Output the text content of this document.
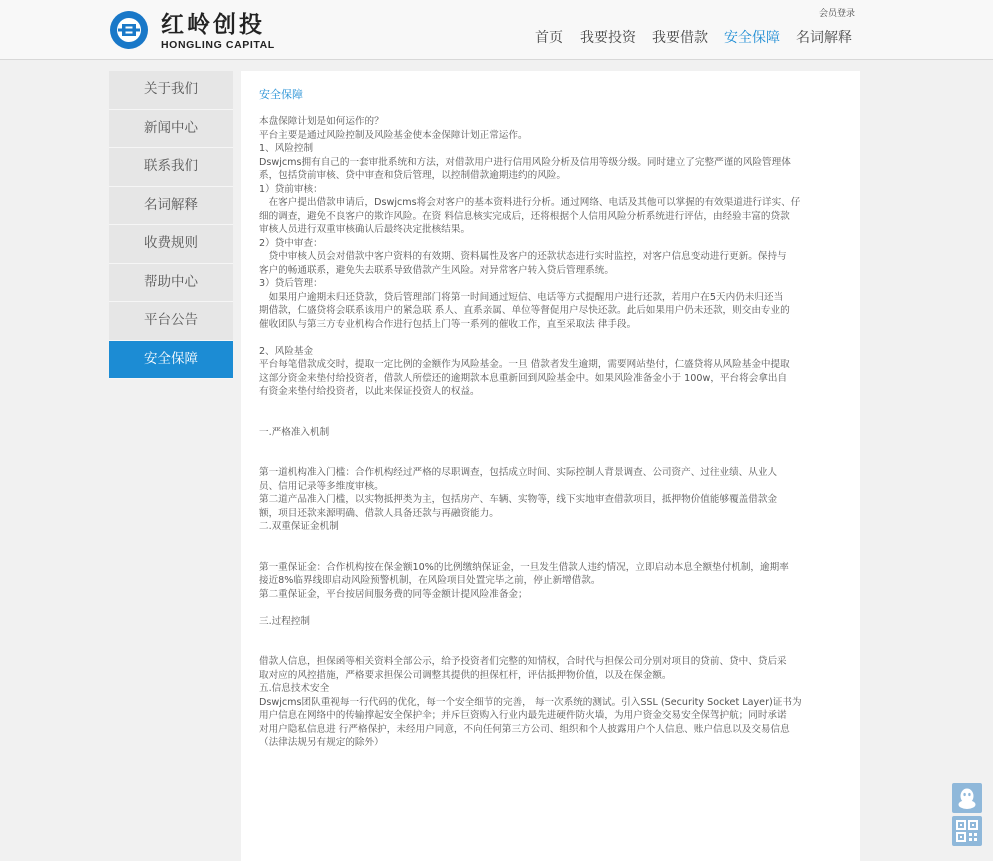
红岭创投
HONGLING CAPITAL
会员登录
首页 我要投资 我要借款 安全保障 名词解释
关于我们
新闻中心
联系我们
名词解释
收费规则
帮助中心
平台公告
安全保障
安全保障

本盘保障计划是如何运作的？

平台主要是通过风险控制及风险基金使本金保障计划正常运作。

1、风险控制

Dswjcms拥有自己的一套审批系统和方法，对借款用户进行信用风险分析及信用等级分级。同时建立了完整严谨的风险管理体

系，包括贷前审核、贷中审查和贷后管理，以控制借款逾期违约的风险。

1）贷前审核：

　在客户提出借款申请后，Dswjcms将会对客户的基本资料进行分析。通过网络、电话及其他可以掌握的有效渠道进行详实、仔

细的调查，避免不良客户的欺诈风险。在资 料信息核实完成后，还将根据个人信用风险分析系统进行评估，由经验丰富的贷款

审核人员进行双重审核确认后最终决定批核结果。

2）贷中审查：

　贷中审核人员会对借款中客户资料的有效期、资料属性及客户的还款状态进行实时监控，对客户信息变动进行更新。保持与

客户的畅通联系，避免失去联系导致借款产生风险。对异常客户转入贷后管理系统。

3）贷后管理：

　如果用户逾期未归还贷款，贷后管理部门将第一时间通过短信、电话等方式提醒用户进行还款，若用户在5天内仍未归还当

期借款，仁盛贷将会联系该用户的紧急联 系人、直系亲属、单位等督促用户尽快还款。此后如果用户仍未还款，则交由专业的

催收团队与第三方专业机构合作进行包括上门等一系列的催收工作，直至采取法 律手段。

2、风险基金

平台每笔借款成交时，提取一定比例的金额作为风险基金。一旦 借款者发生逾期，需要网站垫付，仁盛贷将从风险基金中提取

这部分资金来垫付给投资者，借款人所偿还的逾期款本息重新回到风险基金中。如果风险准备金小于 100w，平台将会拿出自

有资金来垫付给投资者，以此来保证投资人的权益。

一.严格准入机制

第一道机构准入门槛：合作机构经过严格的尽职调查，包括成立时间、实际控制人背景调查、公司资产、过往业绩、从业人

员、信用记录等多维度审核。

第二道产品准入门槛，以实物抵押类为主，包括房产、车辆、实物等，线下实地审查借款项目，抵押物价值能够覆盖借款金

额，项目还款来源明确、借款人具备还款与再融资能力。

二.双重保证金机制

第一重保证金：合作机构按在保金额10%的比例缴纳保证金，一旦发生借款人违约情况，立即启动本息全额垫付机制，逾期率

接近8%临界线即启动风险预警机制，在风险项目处置完毕之前，停止新增借款。

第二重保证金，平台按居间服务费的同等金额计提风险准备金；

三.过程控制

借款人信息，担保函等相关资料全部公示，给予投资者们完整的知情权，合时代与担保公司分别对项目的贷前、贷中、贷后采

取对应的风控措施，严格要求担保公司调整其提供的担保杠杆，评估抵押物价值，以及在保金额。

五.信息技术安全

Dswjcms团队重视每一行代码的优化，每一个安全细节的完善， 每一次系统的测试。引入SSL (Security Socket Layer)证书为

用户信息在网络中的传输撑起安全保护伞；并斥巨资购入行业内最先进硬件防火墙，为用户资金交易安全保驾护航；同时承诺

对用户隐私信息进 行严格保护，未经用户同意，不向任何第三方公司、组织和个人披露用户个人信息、账户信息以及交易信息

（法律法规另有规定的除外）
